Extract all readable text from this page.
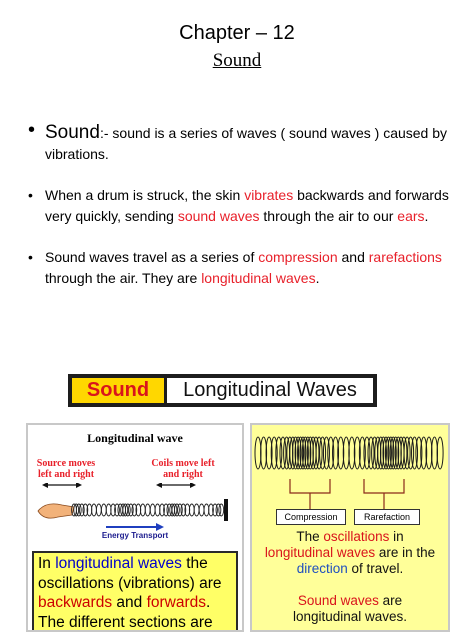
Chapter – 12
Sound
• Sound:- sound is a series of waves ( sound waves ) caused by vibrations.
• When a drum is struck, the skin vibrates backwards and forwards very quickly, sending sound waves through the air to our ears.
• Sound waves travel as a series of compression and rarefactions through the air. They are longitudinal waves.
Sound	Longitudinal Waves
Longitudinal wave
Source moves left and right
Coils move left and right
Energy Transport
In longitudinal waves the oscillations (vibrations) are backwards and forwards. The different sections are
Compression	Rarefaction
The oscillations in longitudinal waves are in the direction of travel.
Sound waves are longitudinal waves.
